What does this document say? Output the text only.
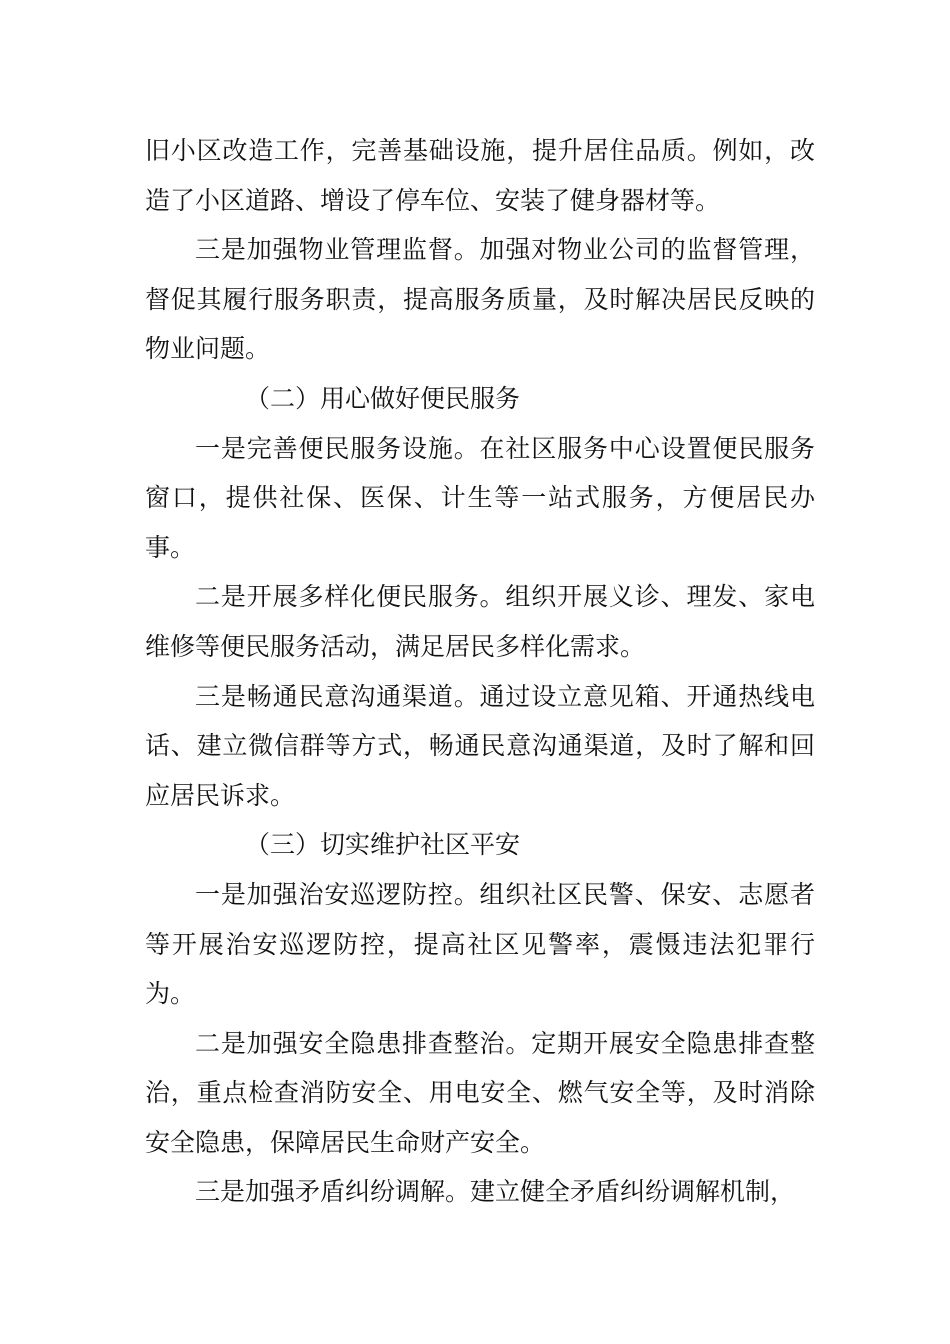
旧小区改造工作，完善基础设施，提升居住品质。例如，改造了小区道路、增设了停车位、安装了健身器材等。

三是加强物业管理监督。加强对物业公司的监督管理，督促其履行服务职责，提高服务质量，及时解决居民反映的物业问题。

（二）用心做好便民服务

一是完善便民服务设施。在社区服务中心设置便民服务窗口，提供社保、医保、计生等一站式服务，方便居民办事。

二是开展多样化便民服务。组织开展义诊、理发、家电维修等便民服务活动，满足居民多样化需求。

三是畅通民意沟通渠道。通过设立意见箱、开通热线电话、建立微信群等方式，畅通民意沟通渠道，及时了解和回应居民诉求。

（三）切实维护社区平安

一是加强治安巡逻防控。组织社区民警、保安、志愿者等开展治安巡逻防控，提高社区见警率，震慑违法犯罪行为。

二是加强安全隐患排查整治。定期开展安全隐患排查整治，重点检查消防安全、用电安全、燃气安全等，及时消除安全隐患，保障居民生命财产安全。

三是加强矛盾纠纷调解。建立健全矛盾纠纷调解机制，
